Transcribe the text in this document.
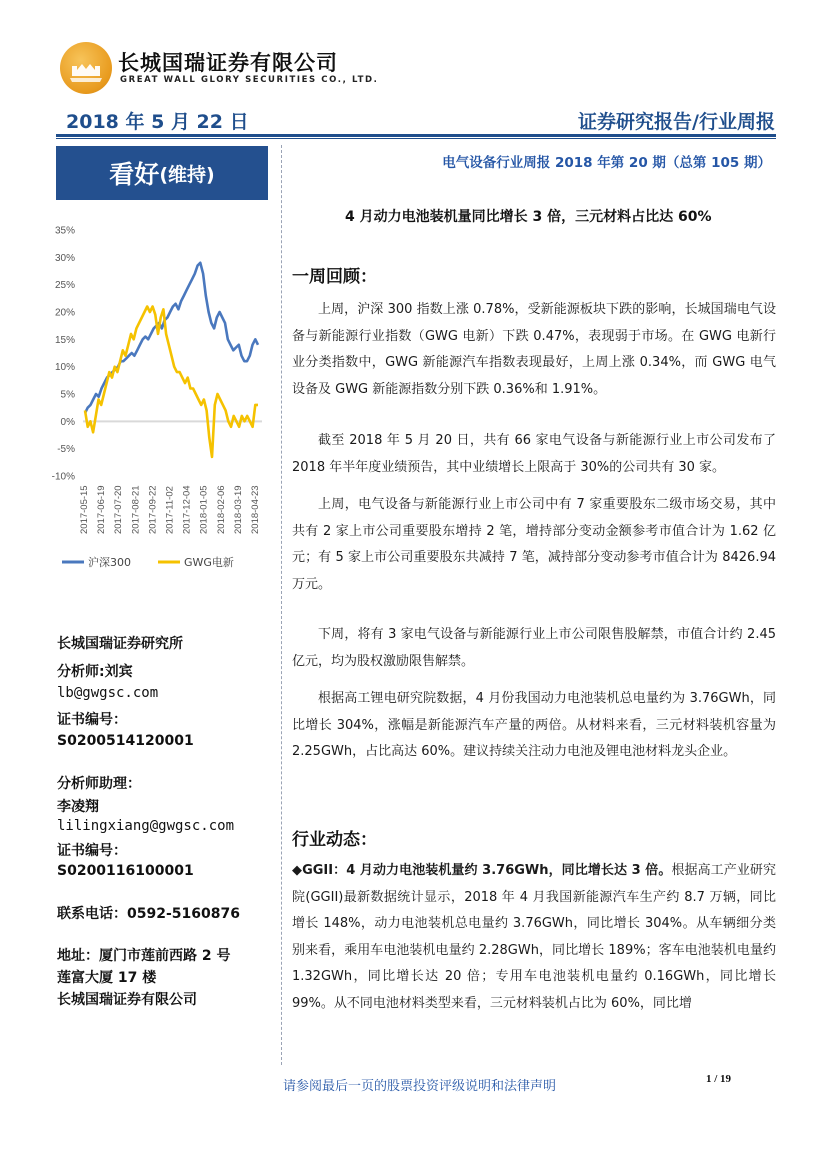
长城国瑞证券有限公司
GREAT WALL GLORY SECURITIES CO., LTD.
2018 年 5 月 22 日	证券研究报告/行业周报
看好 (维持)
35%
30%
25%
20%
15%
10%
5%
0%
-5%
-10%
2017-05-15 2017-06-19 2017-07-20 2017-08-21 2017-09-22 2017-11-02 2017-12-04 2018-01-05 2018-02-06 2018-03-19 2018-04-23
沪深300	GWG电新
长城国瑞证券研究所
分析师:刘宾
lb@gwgsc.com
证书编号：
S0200514120001
分析师助理：
李凌翔
lilingxiang@gwgsc.com
证书编号：
S0200116100001
联系电话：0592-5160876
地址：厦门市莲前西路 2 号
莲富大厦 17 楼
长城国瑞证券有限公司
电气设备行业周报 2018 年第 20 期（总第 105 期）
4 月动力电池装机量同比增长 3 倍，三元材料占比达 60%
一周回顾：

上周，沪深 300 指数上涨 0.78%，受新能源板块下跌的影响，长城国瑞电气设备与新能源行业指数（GWG 电新）下跌 0.47%，表现弱于市场。在 GWG 电新行业分类指数中，GWG 新能源汽车指数表现最好，上周上涨 0.34%，而 GWG 电气设备及 GWG 新能源指数分别下跌 0.36%和 1.91%。

截至 2018 年 5 月 20 日，共有 66 家电气设备与新能源行业上市公司发布了 2018 年半年度业绩预告，其中业绩增长上限高于 30%的公司共有 30 家。

上周，电气设备与新能源行业上市公司中有 7 家重要股东二级市场交易，其中共有 2 家上市公司重要股东增持 2 笔，增持部分变动金额参考市值合计为 1.62 亿元；有 5 家上市公司重要股东共减持 7 笔，减持部分变动参考市值合计为 8426.94 万元。

下周，将有 3 家电气设备与新能源行业上市公司限售股解禁，市值合计约 2.45 亿元，均为股权激励限售解禁。

根据高工锂电研究院数据，4 月份我国动力电池装机总电量约为 3.76GWh，同比增长 304%，涨幅是新能源汽车产量的两倍。从材料来看，三元材料装机容量为 2.25GWh，占比高达 60%。建议持续关注动力电池及锂电池材料龙头企业。

行业动态：

◆GGII：4 月动力电池装机量约 3.76GWh，同比增长达 3 倍。根据高工产业研究院(GGII)最新数据统计显示，2018 年 4 月我国新能源汽车生产约 8.7 万辆，同比增长 148%，动力电池装机总电量约 3.76GWh，同比增长 304%。从车辆细分类别来看，乘用车电池装机电量约 2.28GWh，同比增长 189%；客车电池装机电量约 1.32GWh，同比增长达 20 倍；专用车电池装机电量约 0.16GWh，同比增长 99%。从不同电池材料类型来看，三元材料装机占比为 60%，同比增

请参阅最后一页的股票投资评级说明和法律声明	1 / 19
